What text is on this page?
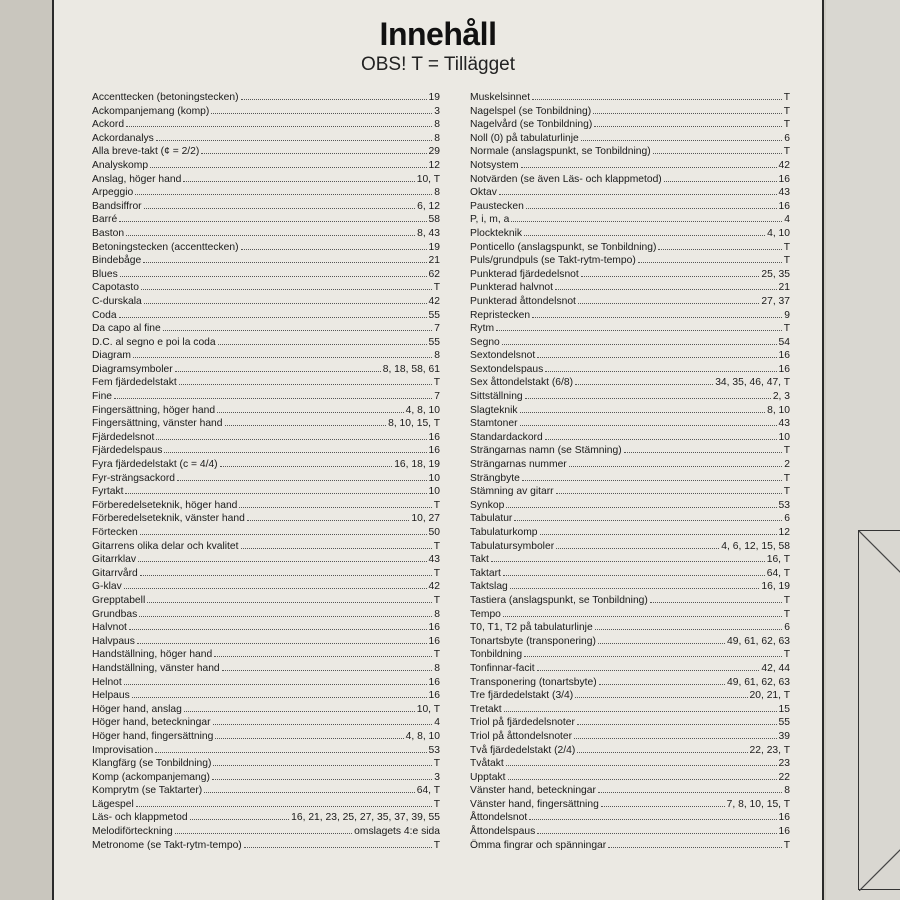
Innehåll
OBS! T = Tillägget
Accenttecken (betoningstecken)	19
Ackompanjemang (komp)	3
Ackord	8
Ackordanalys	8
Alla breve-takt (¢ = 2/2)	29
Analyskomp	12
Anslag, höger hand	10, T
Arpeggio	8
Bandsiffror	6, 12
Barré	58
Baston	8, 43
Betoningstecken (accenttecken)	19
Bindebåge	21
Blues	62
Capotasto	T
C-durskala	42
Coda	55
Da capo al fine	7
D.C. al segno e poi la coda	55
Diagram	8
Diagramsymboler	8, 18, 58, 61
Fem fjärdedelstakt	T
Fine	7
Fingersättning, höger hand	4, 8, 10
Fingersättning, vänster hand	8, 10, 15, T
Fjärdedelsnot	16
Fjärdedelspaus	16
Fyra fjärdedelstakt (c = 4/4)	16, 18, 19
Fyr-strängsackord	10
Fyrtakt	10
Förberedelseteknik, höger hand	T
Förberedelseteknik, vänster hand	10, 27
Förtecken	50
Gitarrens olika delar och kvalitet	T
Gitarrklav	43
Gitarrvård	T
G-klav	42
Grepptabell	T
Grundbas	8
Halvnot	16
Halvpaus	16
Handställning, höger hand	T
Handställning, vänster hand	8
Helnot	16
Helpaus	16
Höger hand, anslag	10, T
Höger hand, beteckningar	4
Höger hand, fingersättning	4, 8, 10
Improvisation	53
Klangfärg (se Tonbildning)	T
Komp (ackompanjemang)	3
Komprytm (se Taktarter)	64, T
Lägespel	T
Läs- och klappmetod	16, 21, 23, 25, 27, 35, 37, 39, 55
Melodiförteckning	omslagets 4:e sida
Metronome (se Takt-rytm-tempo)	T
Muskelsinnet	T
Nagelspel (se Tonbildning)	T
Nagelvård (se Tonbildning)	T
Noll (0) på tabulaturlinje	6
Normale (anslagspunkt, se Tonbildning)	T
Notsystem	42
Notvärden (se även Läs- och klappmetod)	16
Oktav	43
Paustecken	16
P, i, m, a	4
Plockteknik	4, 10
Ponticello (anslagspunkt, se Tonbildning)	T
Puls/grundpuls (se Takt-rytm-tempo)	T
Punkterad fjärdedelsnot	25, 35
Punkterad halvnot	21
Punkterad åttondelsnot	27, 37
Repristecken	9
Rytm	T
Segno	54
Sextondelsnot	16
Sextondelspaus	16
Sex åttondelstakt (6/8)	34, 35, 46, 47, T
Sittställning	2, 3
Slagteknik	8, 10
Stamtoner	43
Standardackord	10
Strängarnas namn (se Stämning)	T
Strängarnas nummer	2
Strängbyte	T
Stämning av gitarr	T
Synkop	53
Tabulatur	6
Tabulaturkomp	12
Tabulatursymboler	4, 6, 12, 15, 58
Takt	16, T
Taktart	64, T
Taktslag	16, 19
Tastiera (anslagspunkt, se Tonbildning)	T
Tempo	T
T0, T1, T2 på tabulaturlinje	6
Tonartsbyte (transponering)	49, 61, 62, 63
Tonbildning	T
Tonfinnar-facit	42, 44
Transponering (tonartsbyte)	49, 61, 62, 63
Tre fjärdedelstakt (3/4)	20, 21, T
Tretakt	15
Triol på fjärdedelsnoter	55
Triol på åttondelsnoter	39
Två fjärdedelstakt (2/4)	22, 23, T
Tvåtakt	23
Upptakt	22
Vänster hand, beteckningar	8
Vänster hand, fingersättning	7, 8, 10, 15, T
Åttondelsnot	16
Åttondelspaus	16
Ömma fingrar och spänningar	T
